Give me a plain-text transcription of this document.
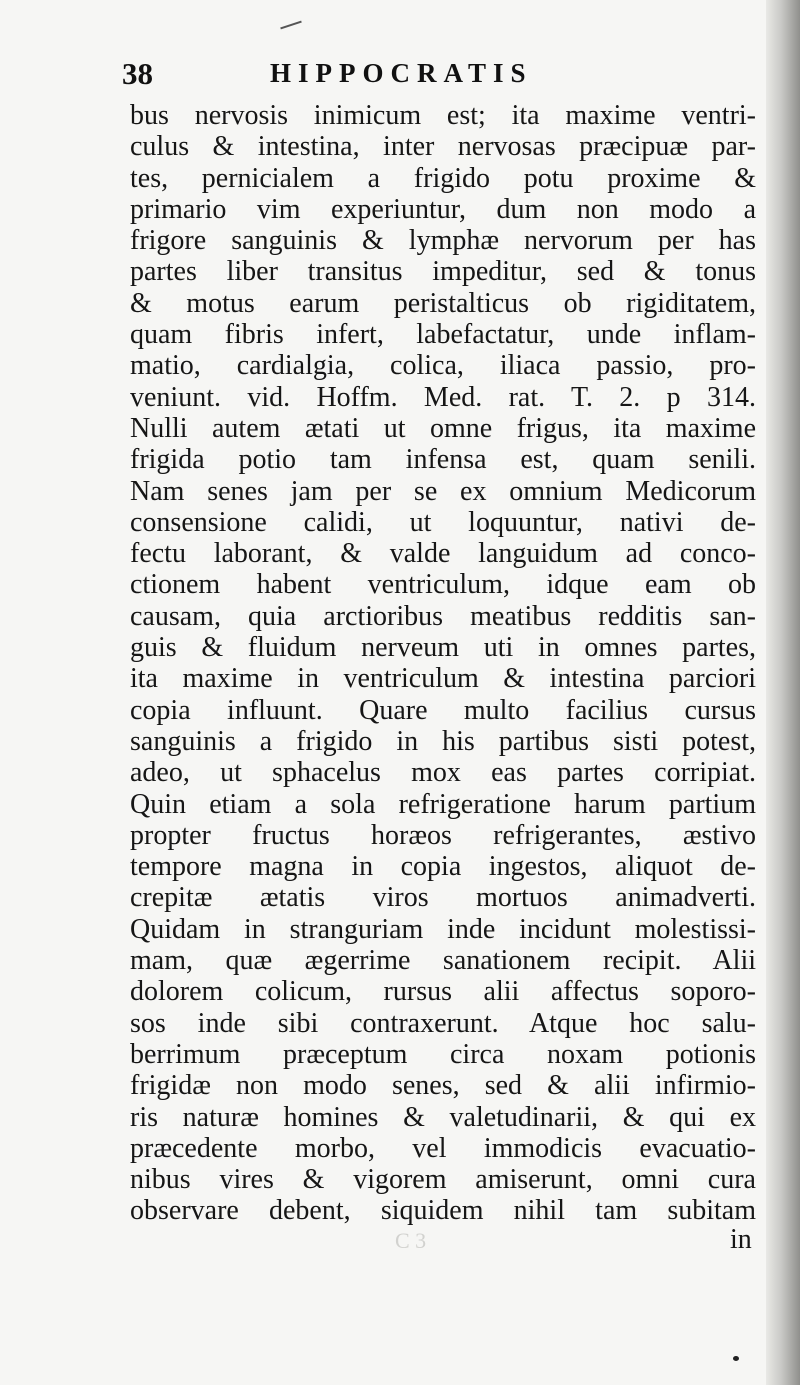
38	HIPPOCRATIS
bus nervosis inimicum est; ita maxime ventri-
culus & intestina, inter nervosas præcipuæ par-
tes, pernicialem a frigido potu proxime &
primario vim experiuntur, dum non modo a
frigore sanguinis & lymphæ nervorum per has
partes liber transitus impeditur, sed & tonus
& motus earum peristalticus ob rigiditatem,
quam fibris infert, labefactatur, unde inflam-
matio, cardialgia, colica, iliaca passio, pro-
veniunt. vid. Hoffm. Med. rat. T. 2. p 314.
Nulli autem ætati ut omne frigus, ita maxime
frigida potio tam infensa est, quam senili.
Nam senes jam per se ex omnium Medicorum
consensione calidi, ut loquuntur, nativi de-
fectu laborant, & valde languidum ad conco-
ctionem habent ventriculum, idque eam ob
causam, quia arctioribus meatibus redditis san-
guis & fluidum nerveum uti in omnes partes,
ita maxime in ventriculum & intestina parciori
copia influunt. Quare multo facilius cursus
sanguinis a frigido in his partibus sisti potest,
adeo, ut sphacelus mox eas partes corripiat.
Quin etiam a sola refrigeratione harum partium
propter fructus horæos refrigerantes, æstivo
tempore magna in copia ingestos, aliquot de-
crepitæ ætatis viros mortuos animadverti.
Quidam in stranguriam inde incidunt molestissi-
mam, quæ ægerrime sanationem recipit. Alii
dolorem colicum, rursus alii affectus soporo-
sos inde sibi contraxerunt. Atque hoc salu-
berrimum præceptum circa noxam potionis
frigidæ non modo senes, sed & alii infirmio-
ris naturæ homines & valetudinarii, & qui ex
præcedente morbo, vel immodicis evacuatio-
nibus vires & vigorem amiserunt, omni cura
observare debent, siquidem nihil tam subitam
C 3	in
